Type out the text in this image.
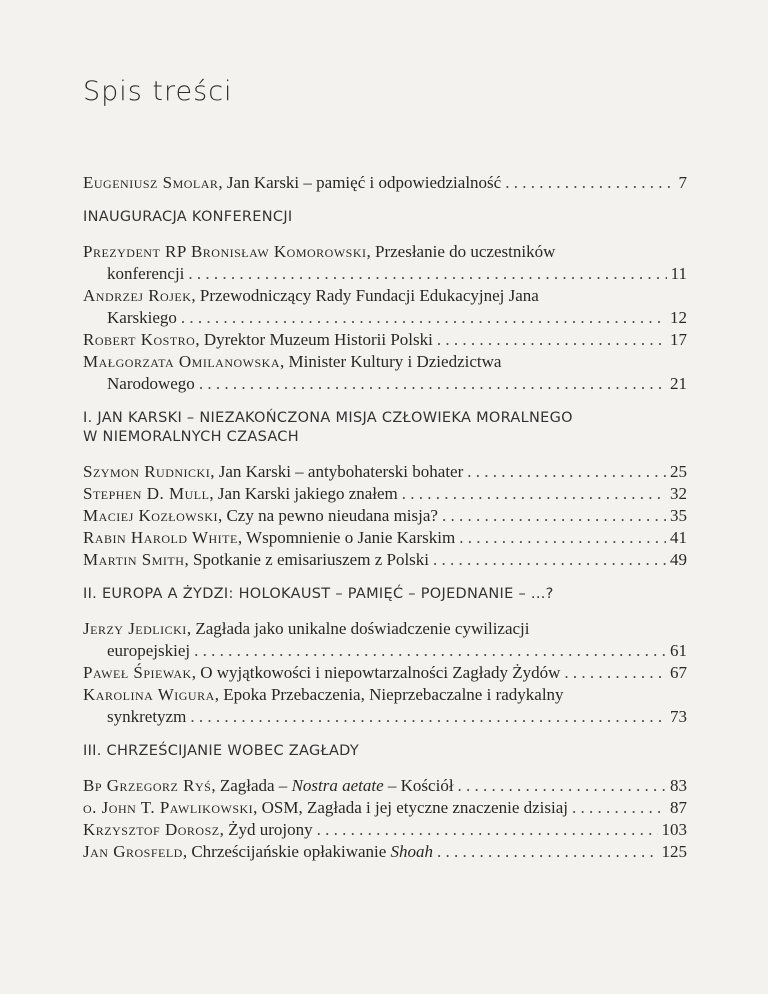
Spis treści
Eugeniusz Smolar, Jan Karski – pamięć i odpowiedzialność . . .	7

INAUGURACJA KONFERENCJI

Prezydent RP Bronisław Komorowski, Przesłanie do uczestników
konferencji . . .	11
Andrzej Rojek, Przewodniczący Rady Fundacji Edukacyjnej Jana
Karskiego . . .	12
Robert Kostro, Dyrektor Muzeum Historii Polski . . .	17
Małgorzata Omilanowska, Minister Kultury i Dziedzictwa
Narodowego . . .	21

I. JAN KARSKI – NIEZAKOŃCZONA MISJA CZŁOWIEKA MORALNEGO
W NIEMORALNYCH CZASACH

Szymon Rudnicki, Jan Karski – antybohaterski bohater . . .	25
Stephen D. Mull, Jan Karski jakiego znałem . . .	32
Maciej Kozłowski, Czy na pewno nieudana misja? . . .	35
Rabin Harold White, Wspomnienie o Janie Karskim . . .	41
Martin Smith, Spotkanie z emisariuszem z Polski . . .	49

II. EUROPA A ŻYDZI: HOLOKAUST – PAMIĘĆ – POJEDNANIE – ...?

Jerzy Jedlicki, Zagłada jako unikalne doświadczenie cywilizacji
europejskiej . . .	61
Paweł Śpiewak, O wyjątkowości i niepowtarzalności Zagłady Żydów . . .	67
Karolina Wigura, Epoka Przebaczenia, Nieprzebaczalne i radykalny
synkretyzm . . .	73

III. CHRZEŚCIJANIE WOBEC ZAGŁADY

Bp Grzegorz Ryś, Zagłada – Nostra aetate – Kościół . . .	83
o. John T. Pawlikowski, OSM, Zagłada i jej etyczne znaczenie dzisiaj . . .	87
Krzysztof Dorosz, Żyd urojony . . .	103
Jan Grosfeld, Chrześcijańskie opłakiwanie Shoah . . .	125
